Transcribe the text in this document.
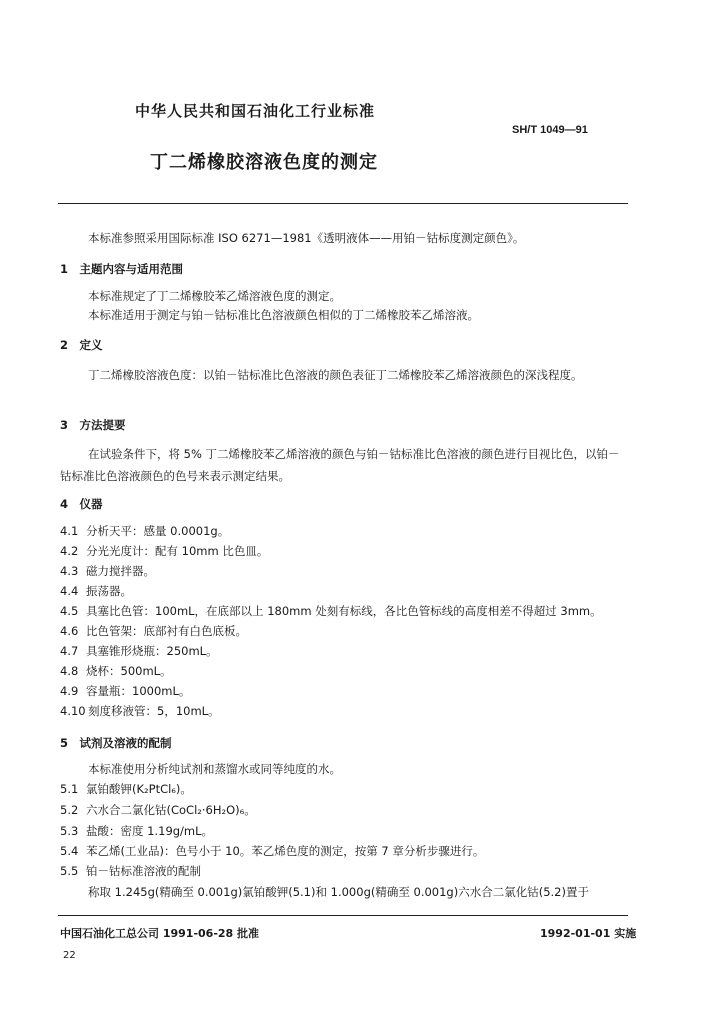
中华人民共和国石油化工行业标准
SH/T 1049—91
丁二烯橡胶溶液色度的测定
本标准参照采用国际标准 ISO 6271—1981《透明液体——用铂－钴标度测定颜色》。
1　主题内容与适用范围
本标准规定了丁二烯橡胶苯乙烯溶液色度的测定。
本标准适用于测定与铂－钴标准比色溶液颜色相似的丁二烯橡胶苯乙烯溶液。
2　定义
丁二烯橡胶溶液色度：以铂－钴标准比色溶液的颜色表征丁二烯橡胶苯乙烯溶液颜色的深浅程度。
3　方法提要
在试验条件下，将 5% 丁二烯橡胶苯乙烯溶液的颜色与铂－钴标准比色溶液的颜色进行目视比色，以铂－钴标准比色溶液颜色的色号来表示测定结果。
4　仪器
4.1 分析天平：感量 0.0001g。
4.2 分光光度计：配有 10mm 比色皿。
4.3 磁力搅拌器。
4.4 振荡器。
4.5 具塞比色管：100mL，在底部以上 180mm 处刻有标线，各比色管标线的高度相差不得超过 3mm。
4.6 比色管架：底部衬有白色底板。
4.7 具塞锥形烧瓶：250mL。
4.8 烧杯：500mL。
4.9 容量瓶：1000mL。
4.10 刻度移液管：5，10mL。
5　试剂及溶液的配制
本标准使用分析纯试剂和蒸馏水或同等纯度的水。
5.1 氯铂酸钾(K₂PtCl₆)。
5.2 六水合二氯化钴(CoCl₂·6H₂O)₆。
5.3 盐酸：密度 1.19g/mL。
5.4 苯乙烯(工业品)：色号小于 10。苯乙烯色度的测定，按第 7 章分析步骤进行。
5.5 铂－钴标准溶液的配制
称取 1.245g(精确至 0.001g)氯铂酸钾(5.1)和 1.000g(精确至 0.001g)六水合二氯化钴(5.2)置于
中国石油化工总公司 1991-06-28 批准	1992-01-01 实施
22
